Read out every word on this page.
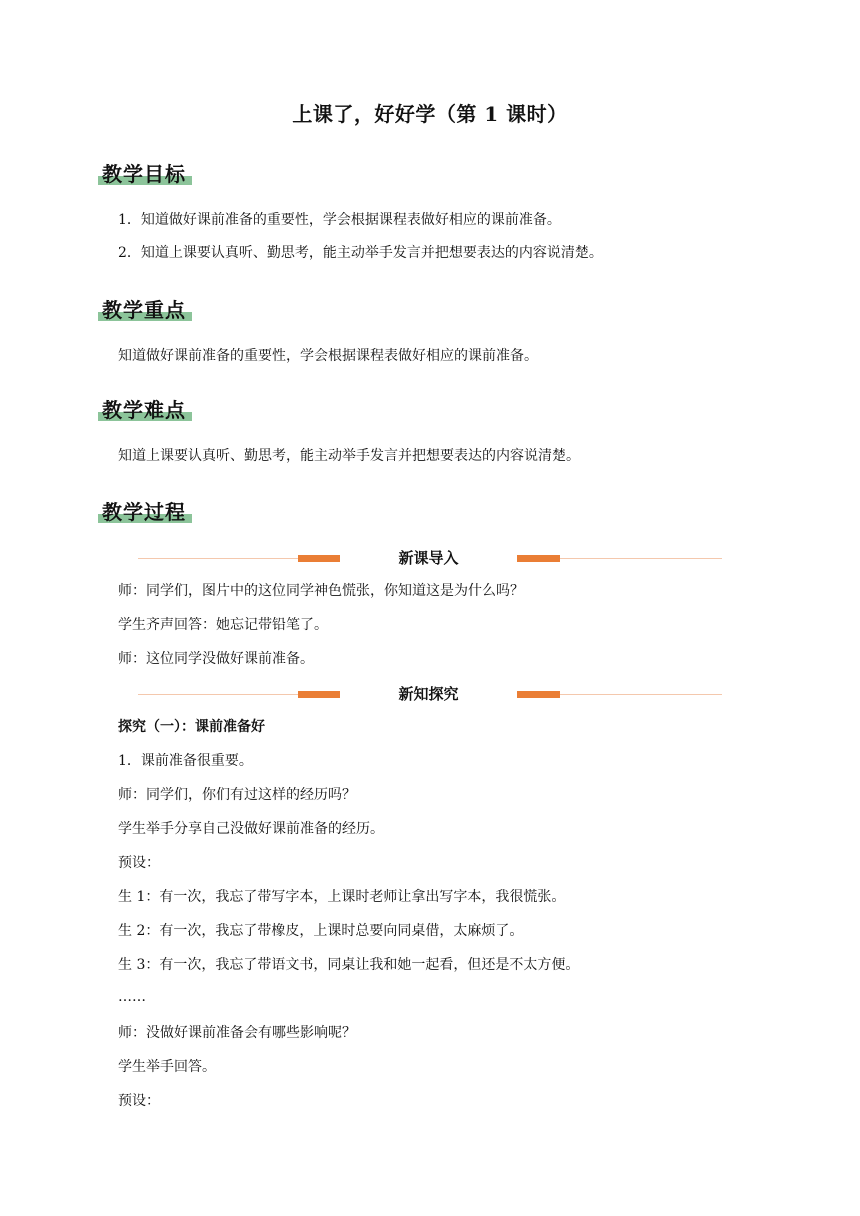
上课了，好好学（第 1 课时）
教学目标
1．知道做好课前准备的重要性，学会根据课程表做好相应的课前准备。
2．知道上课要认真听、勤思考，能主动举手发言并把想要表达的内容说清楚。
教学重点
知道做好课前准备的重要性，学会根据课程表做好相应的课前准备。
教学难点
知道上课要认真听、勤思考，能主动举手发言并把想要表达的内容说清楚。
教学过程
新课导入
师：同学们，图片中的这位同学神色慌张，你知道这是为什么吗？
学生齐声回答：她忘记带铅笔了。
师：这位同学没做好课前准备。
新知探究
探究（一）：课前准备好
1．课前准备很重要。
师：同学们，你们有过这样的经历吗？
学生举手分享自己没做好课前准备的经历。
预设：
生 1：有一次，我忘了带写字本，上课时老师让拿出写字本，我很慌张。
生 2：有一次，我忘了带橡皮，上课时总要向同桌借，太麻烦了。
生 3：有一次，我忘了带语文书，同桌让我和她一起看，但还是不太方便。
……
师：没做好课前准备会有哪些影响呢？
学生举手回答。
预设：
